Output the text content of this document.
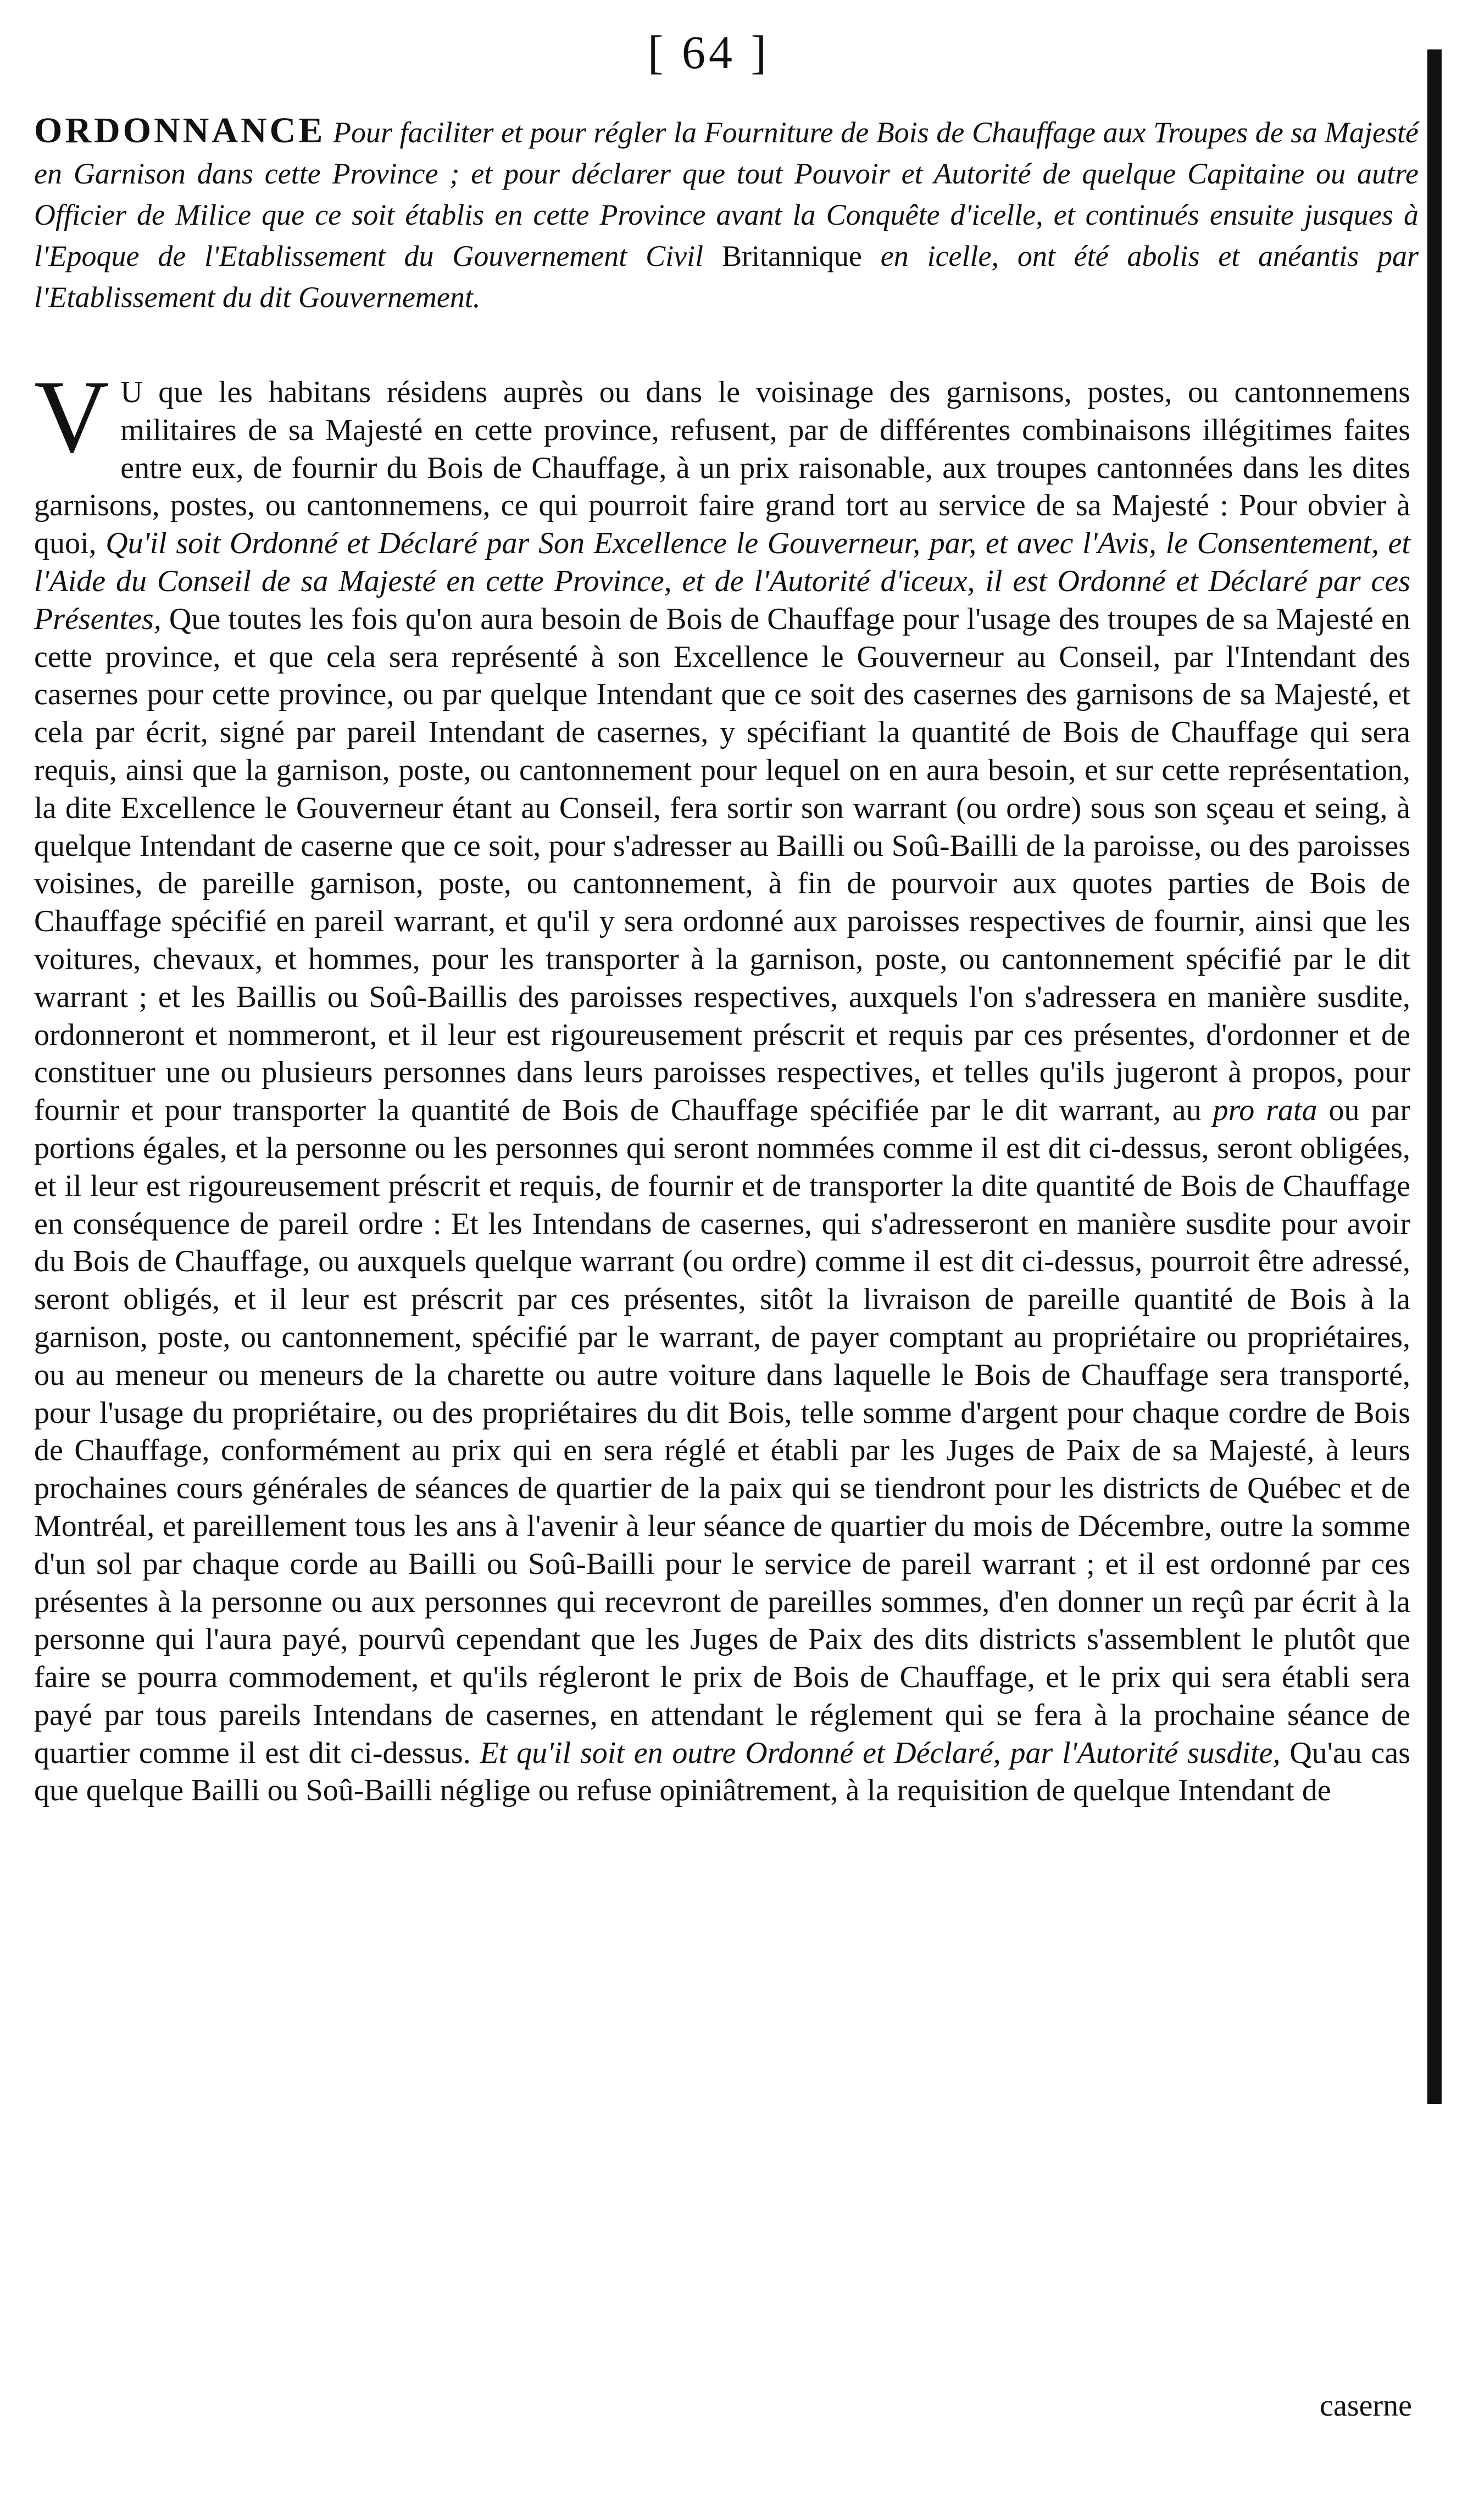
[ 64 ]
ORDONNANCE Pour faciliter et pour régler la Fourniture de Bois de Chauffage aux Troupes de sa Majesté en Garnison dans cette Province ; et pour déclarer que tout Pouvoir et Autorité de quelque Capitaine ou autre Officier de Milice que ce soit établis en cette Province avant la Conquête d'icelle, et continués ensuite jusques à l'Epoque de l'Etablissement du Gouvernement Civil Britannique en icelle, ont été abolis et anéantis par l'Etablissement du dit Gouvernement.
V U que les habitans résidens auprès ou dans le voisinage des garnisons, postes, ou cantonnemens militaires de sa Majesté en cette province, refusent, par de différentes combinaisons illégitimes faites entre eux, de fournir du Bois de Chauffage, à un prix raisonable, aux troupes cantonnées dans les dites garnisons, postes, ou cantonnemens, ce qui pourroit faire grand tort au service de sa Majesté : Pour obvier à quoi, Qu'il soit Ordonné et Déclaré par Son Excellence le Gouverneur, par, et avec l'Avis, le Consentement, et l'Aide du Conseil de sa Majesté en cette Province, et de l'Autorité d'iceux, il est Ordonné et Déclaré par ces Présentes, Que toutes les fois qu'on aura besoin de Bois de Chauffage pour l'usage des troupes de sa Majesté en cette province, et que cela sera représenté à son Excellence le Gouverneur au Conseil, par l'Intendant des casernes pour cette province, ou par quelque Intendant que ce soit des casernes des garnisons de sa Majesté, et cela par écrit, signé par pareil Intendant de casernes, y spécifiant la quantité de Bois de Chauffage qui sera requis, ainsi que la garnison, poste, ou cantonnement pour lequel on en aura besoin, et sur cette représentation, la dite Excellence le Gouverneur étant au Conseil, fera sortir son warrant (ou ordre) sous son sçeau et seing, à quelque Intendant de caserne que ce soit, pour s'adresser au Bailli ou Soû-Bailli de la paroisse, ou des paroisses voisines, de pareille garnison, poste, ou cantonnement, à fin de pourvoir aux quotes parties de Bois de Chauffage spécifié en pareil warrant, et qu'il y sera ordonné aux paroisses respectives de fournir, ainsi que les voitures, chevaux, et hommes, pour les transporter à la garnison, poste, ou cantonnement spécifié par le dit warrant ; et les Baillis ou Soû-Baillis des paroisses respectives, auxquels l'on s'adressera en manière susdite, ordonneront et nommeront, et il leur est rigoureusement préscrit et requis par ces présentes, d'ordonner et de constituer une ou plusieurs personnes dans leurs paroisses respectives, et telles qu'ils jugeront à propos, pour fournir et pour transporter la quantité de Bois de Chauffage spécifiée par le dit warrant, au pro rata ou par portions égales, et la personne ou les personnes qui seront nommées comme il est dit ci-dessus, seront obligées, et il leur est rigoureusement préscrit et requis, de fournir et de transporter la dite quantité de Bois de Chauffage en conséquence de pareil ordre : Et les Intendans de casernes, qui s'adresseront en manière susdite pour avoir du Bois de Chauffage, ou auxquels quelque warrant (ou ordre) comme il est dit ci-dessus, pourroit être adressé, seront obligés, et il leur est préscrit par ces présentes, sitôt la livraison de pareille quantité de Bois à la garnison, poste, ou cantonnement, spécifié par le warrant, de payer comptant au propriétaire ou propriétaires, ou au meneur ou meneurs de la charette ou autre voiture dans laquelle le Bois de Chauffage sera transporté, pour l'usage du propriétaire, ou des propriétaires du dit Bois, telle somme d'argent pour chaque cordre de Bois de Chauffage, conformément au prix qui en sera réglé et établi par les Juges de Paix de sa Majesté, à leurs prochaines cours générales de séances de quartier de la paix qui se tiendront pour les districts de Québec et de Montréal, et pareillement tous les ans à l'avenir à leur séance de quartier du mois de Décembre, outre la somme d'un sol par chaque corde au Bailli ou Soû-Bailli pour le service de pareil warrant ; et il est ordonné par ces présentes à la personne ou aux personnes qui recevront de pareilles sommes, d'en donner un reçû par écrit à la personne qui l'aura payé, pourvû cependant que les Juges de Paix des dits districts s'assemblent le plutôt que faire se pourra commodement, et qu'ils régleront le prix de Bois de Chauffage, et le prix qui sera établi sera payé par tous pareils Intendans de casernes, en attendant le réglement qui se fera à la prochaine séance de quartier comme il est dit ci-dessus. Et qu'il soit en outre Ordonné et Déclaré, par l'Autorité susdite, Qu'au cas que quelque Bailli ou Soû-Bailli néglige ou refuse opiniâtrement, à la requisition de quelque Intendant de
caserne
